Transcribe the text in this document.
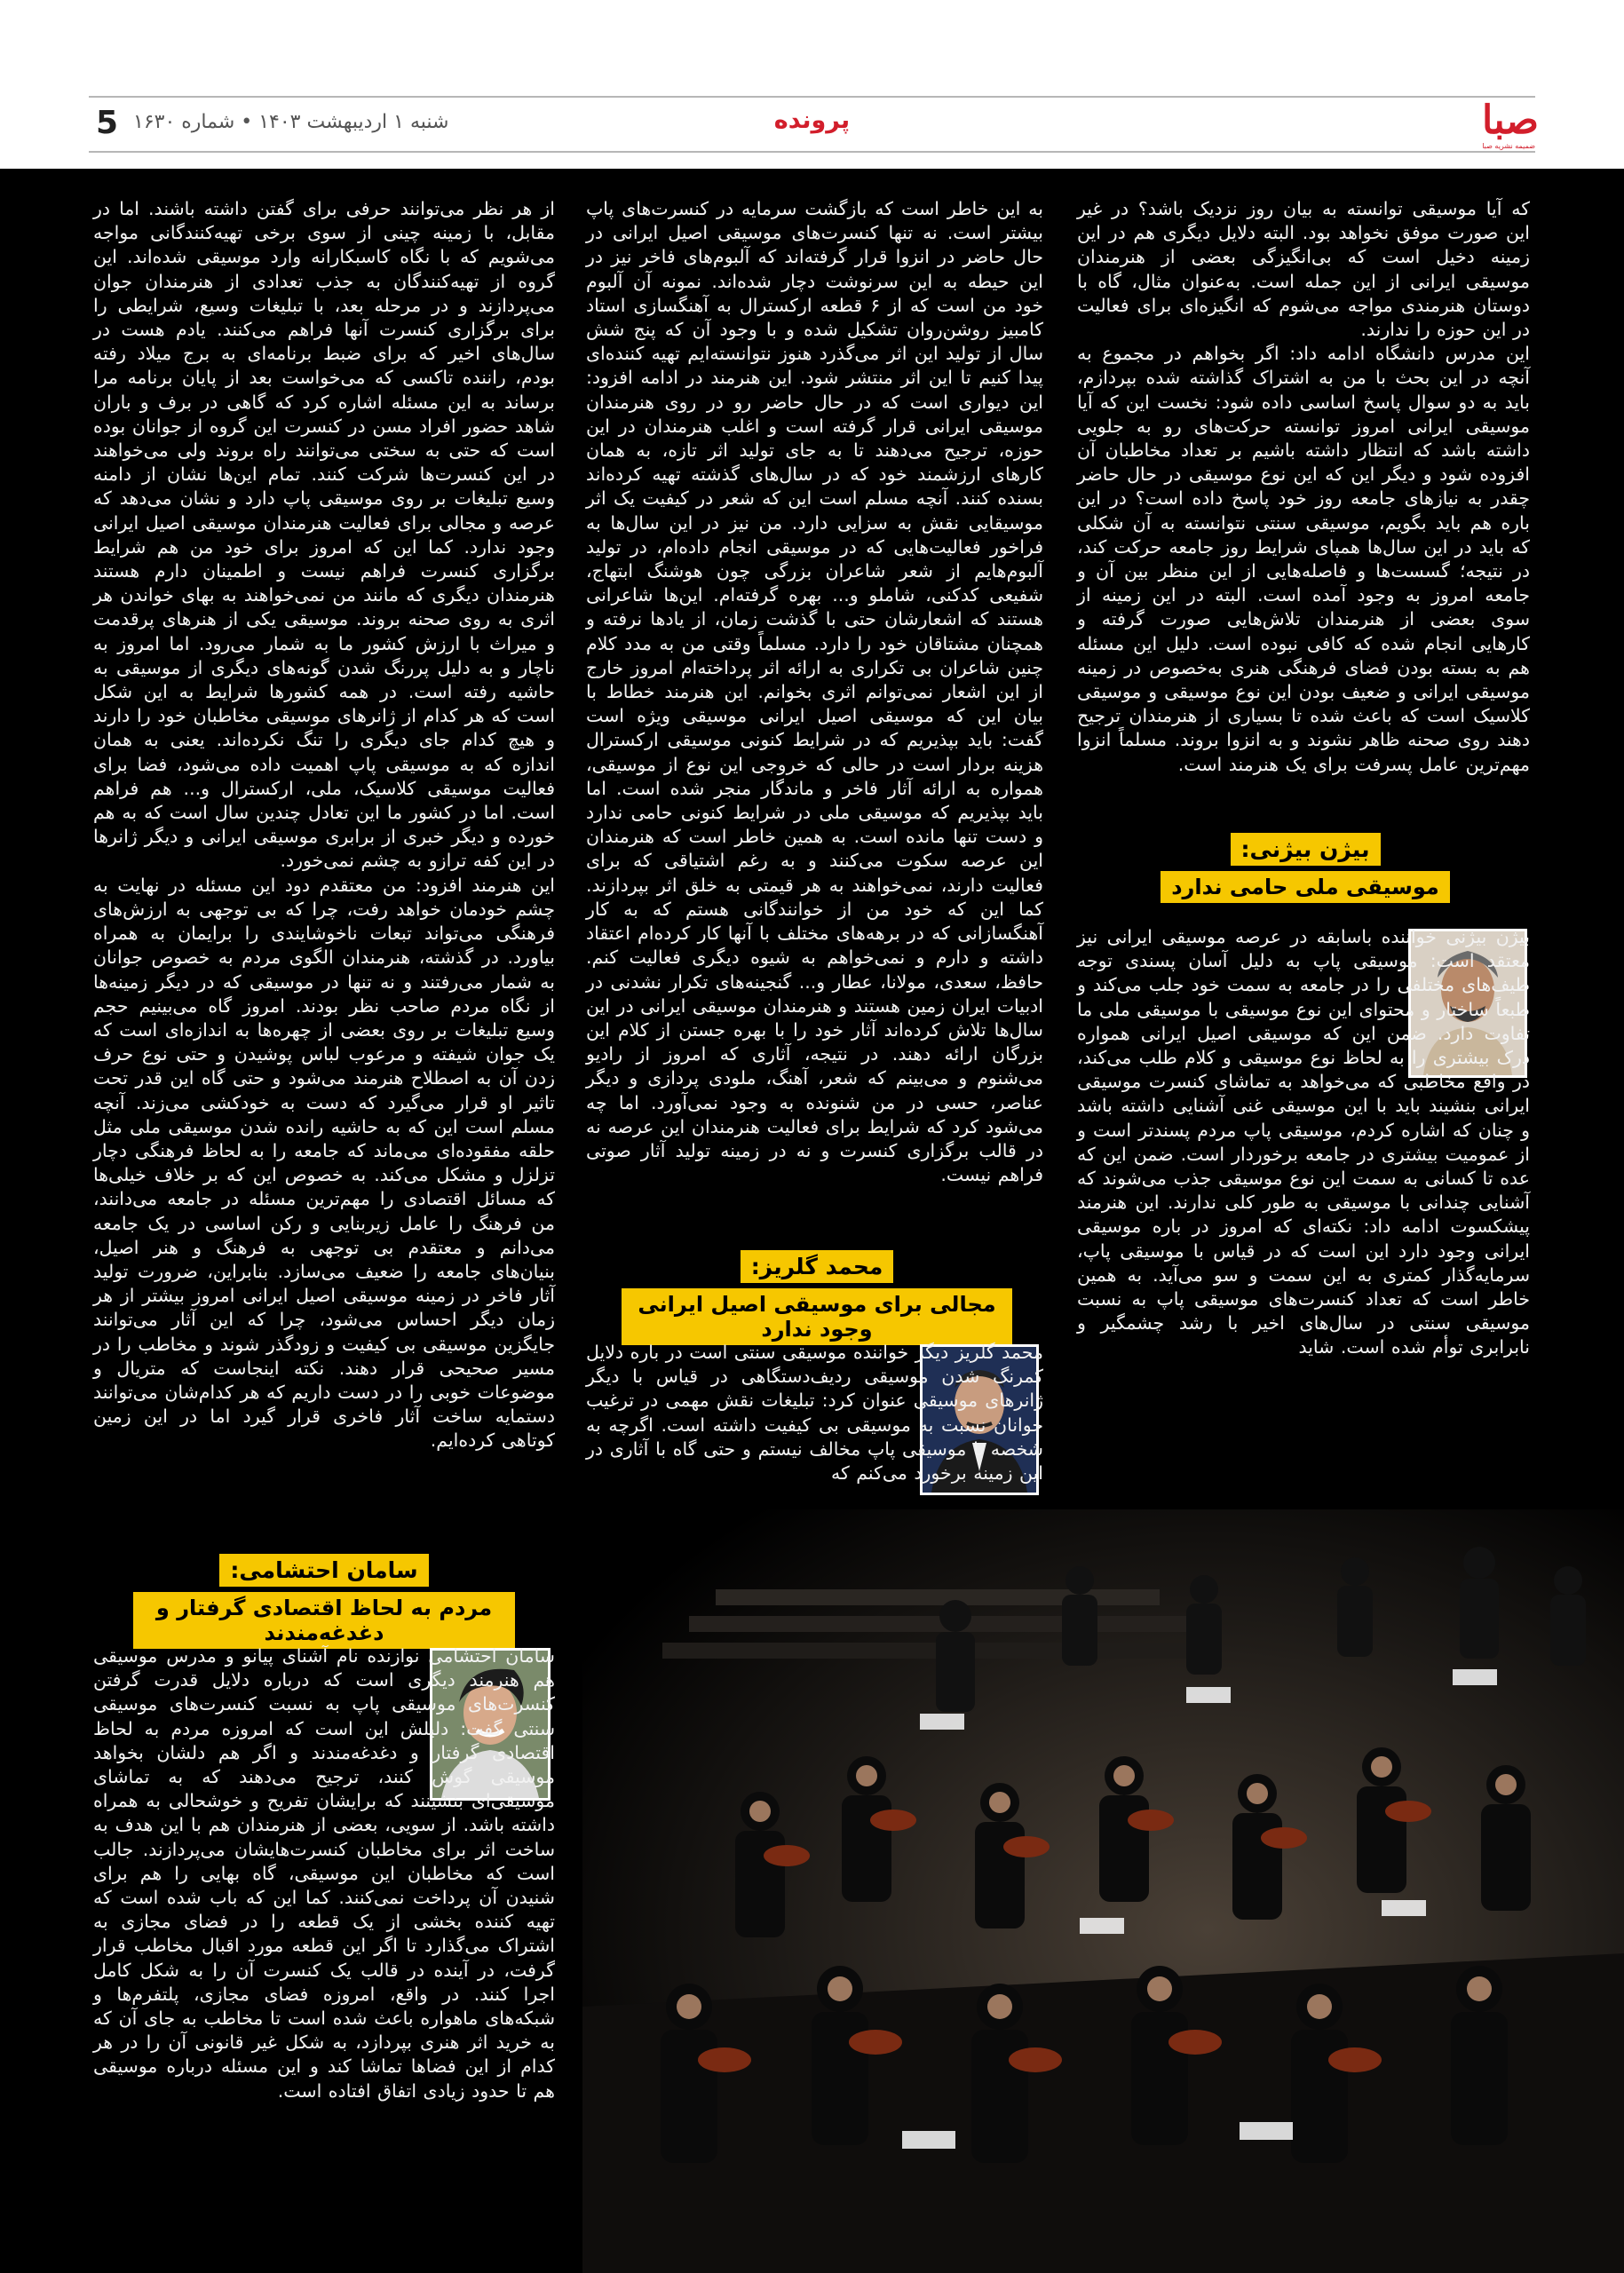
5 شنبه ۱ اردیبهشت ۱۴۰۳ • شماره ۱۶۳۰	پرونده	صبا
ضمیمه نشریه صبا

که آیا موسیقی توانسته به بیان روز نزدیک باشد؟ در غیر این صورت موفق نخواهد بود. البته دلایل دیگری هم در این زمینه دخیل است که بی‌انگیزگی بعضی از هنرمندان موسیقی ایرانی از این جمله است. به‌عنوان مثال، گاه با دوستان هنرمندی مواجه می‌شوم که انگیزه‌ای برای فعالیت در این حوزه را ندارند.

این مدرس دانشگاه ادامه داد: اگر بخواهم در مجموع به آنچه در این بحث با من به اشتراک گذاشته شده بپردازم، باید به دو سوال پاسخ اساسی داده شود: نخست این که آیا موسیقی ایرانی امروز توانسته حرکت‌های رو به جلویی داشته باشد که انتظار داشته باشیم بر تعداد مخاطبان آن افزوده شود و دیگر این که این نوع موسیقی در حال حاضر چقدر به نیازهای جامعه روز خود پاسخ داده است؟ در این باره هم باید بگویم، موسیقی سنتی نتوانسته به آن شکلی که باید در این سال‌ها همپای شرایط روز جامعه حرکت کند، در نتیجه؛ گسست‌ها و فاصله‌هایی از این منظر بین آن و جامعه امروز به وجود آمده است. البته در این زمینه از سوی بعضی از هنرمندان تلاش‌هایی صورت گرفته و کارهایی انجام شده که کافی نبوده است. دلیل این مسئله هم به بسته بودن فضای فرهنگی هنری به‌خصوص در زمینه موسیقی ایرانی و ضعیف بودن این نوع موسیقی و موسیقی کلاسیک است که باعث شده تا بسیاری از هنرمندان ترجیح دهند روی صحنه ظاهر نشوند و به انزوا بروند. مسلماً انزوا مهم‌ترین عامل پسرفت برای یک هنرمند است.

بیژن بیژنی:
موسیقی ملی حامی ندارد

بیژن بیژنی خواننده باسابقه در عرصه موسیقی ایرانی نیز معتقد است: موسیقی پاپ به دلیل آسان پسندی توجه طیف‌های مختلفی را در جامعه به سمت خود جلب می‌کند و طبعاً ساختار و محتوای این نوع موسیقی با موسیقی ملی ما تفاوت دارد. ضمن این که موسیقی اصیل ایرانی همواره درک بیشتری را به لحاظ نوع موسیقی و کلام طلب می‌کند، در واقع مخاطبی که می‌خواهد به تماشای کنسرت موسیقی ایرانی بنشیند باید با این موسیقی غنی آشنایی داشته باشد و چنان که اشاره کردم، موسیقی پاپ مردم پسندتر است و از عمومیت بیشتری در جامعه برخوردار است. ضمن این که عده تا کسانی به سمت این نوع موسیقی جذب می‌شوند که آشنایی چندانی با موسیقی به طور کلی ندارند. این هنرمند پیشکسوت ادامه داد: نکته‌ای که امروز در باره موسیقی ایرانی وجود دارد این است که در قیاس با موسیقی پاپ، سرمایه‌گذار کمتری به این سمت و سو می‌آید. به همین خاطر است که تعداد کنسرت‌های موسیقی پاپ به نسبت موسیقی سنتی در سال‌های اخیر با رشد چشمگیر و نابرابری توأم شده است. شاید

به این خاطر است که بازگشت سرمایه در کنسرت‌های پاپ بیشتر است. نه تنها کنسرت‌های موسیقی اصیل ایرانی در حال حاضر در انزوا قرار گرفته‌اند که آلبوم‌های فاخر نیز در این حیطه به این سرنوشت دچار شده‌اند. نمونه آن آلبوم خود من است که از ۶ قطعه ارکسترال به آهنگسازی استاد کامبیز روشن‌روان تشکیل شده و با وجود آن که پنج شش سال از تولید این اثر می‌گذرد هنوز نتوانسته‌ایم تهیه کننده‌ای پیدا کنیم تا این اثر منتشر شود. این هنرمند در ادامه افزود: این دیواری است که در حال حاضر رو در روی هنرمندان موسیقی ایرانی قرار گرفته است و اغلب هنرمندان در این حوزه، ترجیح می‌دهند تا به جای تولید اثر تازه، به همان کارهای ارزشمند خود که در سال‌های گذشته تهیه کرده‌اند بسنده کنند. آنچه مسلم است این که شعر در کیفیت یک اثر موسیقایی نقش به سزایی دارد. من نیز در این سال‌ها به فراخور فعالیت‌هایی که در موسیقی انجام داده‌ام، در تولید آلبوم‌هایم از شعر شاعران بزرگی چون هوشنگ ابتهاج، شفیعی کدکنی، شاملو و... بهره گرفته‌ام. این‌ها شاعرانی هستند که اشعارشان حتی با گذشت زمان، از یادها نرفته و همچنان مشتاقان خود را دارد. مسلماً وقتی من به مدد کلام چنین شاعران بی تکراری به ارائه اثر پرداخته‌ام امروز خارج از این اشعار نمی‌توانم اثری بخوانم. این هنرمند خطاط با بیان این که موسیقی اصیل ایرانی موسیقی ویژه است گفت: باید بپذیریم که در شرایط کنونی موسیقی ارکسترال هزینه بردار است در حالی که خروجی این نوع از موسیقی، همواره به ارائه آثار فاخر و ماندگار منجر شده است. اما باید بپذیریم که موسیقی ملی در شرایط کنونی حامی ندارد و دست تنها مانده است. به همین خاطر است که هنرمندان این عرصه سکوت می‌کنند و به رغم اشتیاقی که برای فعالیت دارند، نمی‌خواهند به هر قیمتی به خلق اثر بپردازند. کما این که خود من از خوانندگانی هستم که به کار آهنگسازانی که در برهه‌های مختلف با آنها کار کرده‌ام اعتقاد داشته و دارم و نمی‌خواهم به شیوه دیگری فعالیت کنم. حافظ، سعدی، مولانا، عطار و... گنجینه‌های تکرار نشدنی در ادبیات ایران زمین هستند و هنرمندان موسیقی ایرانی در این سال‌ها تلاش کرده‌اند آثار خود را با بهره جستن از کلام این بزرگان ارائه دهند. در نتیجه، آثاری که امروز از رادیو می‌شنوم و می‌بینم که شعر، آهنگ، ملودی پردازی و دیگر عناصر، حسی در من شنونده به وجود نمی‌آورد. اما چه می‌شود کرد که شرایط برای فعالیت هنرمندان این عرصه نه در قالب برگزاری کنسرت و نه در زمینه تولید آثار صوتی فراهم نیست.

محمد گلریز:
مجالی برای موسیقی اصیل ایرانی وجود ندارد

محمد گلریز دیگر خواننده موسیقی سنتی است در باره دلایل کمرنگ شدن موسیقی ردیف‌دستگاهی در قیاس با دیگر ژانرهای موسیقی عنوان کرد: تبلیغات نقش مهمی در ترغیب جوانان نسبت به موسیقی بی کیفیت داشته است. اگرچه به شخصه با موسیقی پاپ مخالف نیستم و حتی گاه با آثاری در این زمینه برخورد می‌کنم که

از هر نظر می‌توانند حرفی برای گفتن داشته باشند. اما در مقابل، با زمینه چینی از سوی برخی تهیه‌کنندگانی مواجه می‌شویم که با نگاه کاسبکارانه وارد موسیقی شده‌اند. این گروه از تهیه‌کنندگان به جذب تعدادی از هنرمندان جوان می‌پردازند و در مرحله بعد، با تبلیغات وسیع، شرایطی را برای برگزاری کنسرت آنها فراهم می‌کنند. یادم هست در سال‌های اخیر که برای ضبط برنامه‌ای به برج میلاد رفته بودم، راننده تاکسی که می‌خواست بعد از پایان برنامه مرا برساند به این مسئله اشاره کرد که گاهی در برف و باران شاهد حضور افراد مسن در کنسرت این گروه از جوانان بوده است که حتی به سختی می‌توانند راه بروند ولی می‌خواهند در این کنسرت‌ها شرکت کنند. تمام این‌ها نشان از دامنه وسیع تبلیغات بر روی موسیقی پاپ دارد و نشان می‌دهد که عرصه و مجالی برای فعالیت هنرمندان موسیقی اصیل ایرانی وجود ندارد. کما این که امروز برای خود من هم شرایط برگزاری کنسرت فراهم نیست و اطمینان دارم هستند هنرمندان دیگری که مانند من نمی‌خواهند به بهای خواندن هر اثری به روی صحنه بروند. موسیقی یکی از هنرهای پرقدمت و میراث با ارزش کشور ما به شمار می‌رود. اما امروز به ناچار و به دلیل پررنگ شدن گونه‌های دیگری از موسیقی به حاشیه رفته است. در همه کشورها شرایط به این شکل است که هر کدام از ژانرهای موسیقی مخاطبان خود را دارند و هیچ کدام جای دیگری را تنگ نکرده‌اند. یعنی به همان اندازه که به موسیقی پاپ اهمیت داده می‌شود، فضا برای فعالیت موسیقی کلاسیک، ملی، ارکسترال و... هم فراهم است. اما در کشور ما این تعادل چندین سال است که به هم خورده و دیگر خبری از برابری موسیقی ایرانی و دیگر ژانرها در این کفه ترازو به چشم نمی‌خورد.

این هنرمند افزود: من معتقدم دود این مسئله در نهایت به چشم خودمان خواهد رفت، چرا که بی توجهی به ارزش‌های فرهنگی می‌تواند تبعات ناخوشایندی را برایمان به همراه بیاورد. در گذشته، هنرمندان الگوی مردم به خصوص جوانان به شمار می‌رفتند و نه تنها در موسیقی که در دیگر زمینه‌ها از نگاه مردم صاحب نظر بودند. امروز گاه می‌بینیم حجم وسیع تبلیغات بر روی بعضی از چهره‌ها به اندازه‌ای است که یک جوان شیفته و مرعوب لباس پوشیدن و حتی نوع حرف زدن آن به اصطلاح هنرمند می‌شود و حتی گاه این قدر تحت تاثیر او قرار می‌گیرد که دست به خودکشی می‌زند. آنچه مسلم است این که به حاشیه رانده شدن موسیقی ملی مثل حلقه مفقوده‌ای می‌ماند که جامعه را به لحاظ فرهنگی دچار تزلزل و مشکل می‌کند. به خصوص این که بر خلاف خیلی‌ها که مسائل اقتصادی را مهم‌ترین مسئله در جامعه می‌دانند، من فرهنگ را عامل زیربنایی و رکن اساسی در یک جامعه می‌دانم و معتقدم بی توجهی به فرهنگ و هنر اصیل، بنیان‌های جامعه را ضعیف می‌سازد. بنابراین، ضرورت تولید آثار فاخر در زمینه موسیقی اصیل ایرانی امروز بیشتر از هر زمان دیگر احساس می‌شود، چرا که این آثار می‌توانند جایگزین موسیقی بی کیفیت و زودگذر شوند و مخاطب را در مسیر صحیحی قرار دهند. نکته اینجاست که متریال و موضوعات خوبی را در دست داریم که هر کدام‌شان می‌توانند دستمایه ساخت آثار فاخری قرار گیرد اما در این زمین کوتاهی کرده‌ایم.

سامان احتشامی:
مردم به لحاظ اقتصادی گرفتار و دغدغه‌مندند

سامان احتشامی نوازنده نام آشنای پیانو و مدرس موسیقی هم هنرمند دیگری است که درباره دلایل قدرت گرفتن کنسرت‌های موسیقی پاپ به نسبت کنسرت‌های موسیقی سنتی گفت: دلیلش این است که امروزه مردم به لحاظ اقتصادی گرفتار و دغدغه‌مندند و اگر هم دلشان بخواهد موسیقی گوش کنند، ترجیح می‌دهند که به تماشای موسیقی‌ای بنشینند که برایشان تفریح و خوشحالی به همراه داشته باشد. از سویی، بعضی از هنرمندان هم با این هدف به ساخت اثر برای مخاطبان کنسرت‌هایشان می‌پردازند. جالب است که مخاطبان این موسیقی، گاه بهایی را هم برای شنیدن آن پرداخت نمی‌کنند. کما این که باب شده است که تهیه کننده بخشی از یک قطعه را در فضای مجازی به اشتراک می‌گذارد تا اگر این قطعه مورد اقبال مخاطب قرار گرفت، در آینده در قالب یک کنسرت آن را به شکل کامل اجرا کنند. در واقع، امروزه فضای مجازی، پلتفرم‌ها و شبکه‌های ماهواره باعث شده است تا مخاطب به جای آن که به خرید اثر هنری بپردازد، به شکل غیر قانونی آن را در هر کدام از این فضاها تماشا کند و این مسئله درباره موسیقی هم تا حدود زیادی اتفاق افتاده است.
